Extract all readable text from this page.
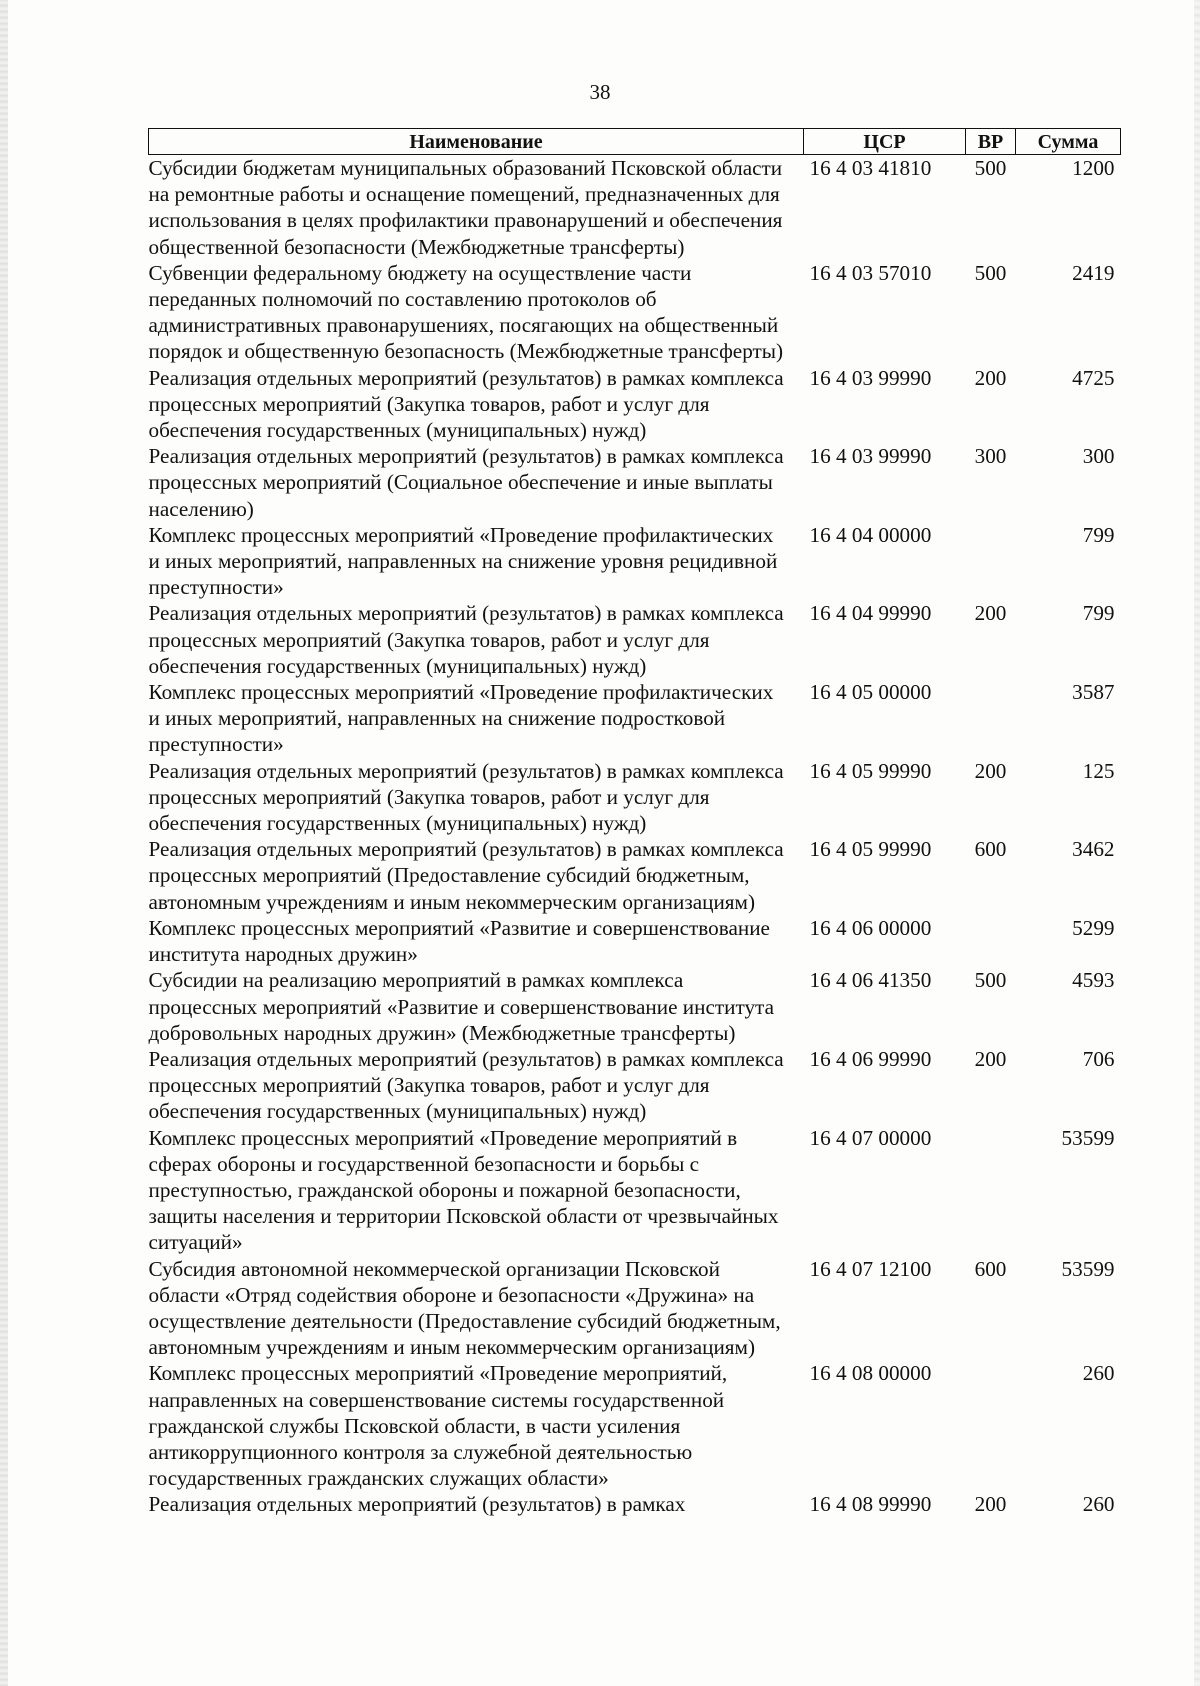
38
Наименование	ЦСР	ВР	Сумма
Субсидии бюджетам муниципальных образований Псковской области на ремонтные работы и оснащение помещений, предназначенных для использования в целях профилактики правонарушений и обеспечения общественной безопасности (Межбюджетные трансферты)	16 4 03 41810	500	1200
Субвенции федеральному бюджету на осуществление части переданных полномочий по составлению протоколов об административных правонарушениях, посягающих на общественный порядок и общественную безопасность (Межбюджетные трансферты)	16 4 03 57010	500	2419
Реализация отдельных мероприятий (результатов) в рамках комплекса процессных мероприятий (Закупка товаров, работ и услуг для обеспечения государственных (муниципальных) нужд)	16 4 03 99990	200	4725
Реализация отдельных мероприятий (результатов) в рамках комплекса процессных мероприятий (Социальное обеспечение и иные выплаты населению)	16 4 03 99990	300	300
Комплекс процессных мероприятий «Проведение профилактических и иных мероприятий, направленных на снижение уровня рецидивной преступности»	16 4 04 00000		799
Реализация отдельных мероприятий (результатов) в рамках комплекса процессных мероприятий (Закупка товаров, работ и услуг для обеспечения государственных (муниципальных) нужд)	16 4 04 99990	200	799
Комплекс процессных мероприятий «Проведение профилактических и иных мероприятий, направленных на снижение подростковой преступности»	16 4 05 00000		3587
Реализация отдельных мероприятий (результатов) в рамках комплекса процессных мероприятий (Закупка товаров, работ и услуг для обеспечения государственных (муниципальных) нужд)	16 4 05 99990	200	125
Реализация отдельных мероприятий (результатов) в рамках комплекса процессных мероприятий (Предоставление субсидий бюджетным, автономным учреждениям и иным некоммерческим организациям)	16 4 05 99990	600	3462
Комплекс процессных мероприятий «Развитие и совершенствование института народных дружин»	16 4 06 00000		5299
Субсидии на реализацию мероприятий в рамках комплекса процессных мероприятий «Развитие и совершенствование института добровольных народных дружин» (Межбюджетные трансферты)	16 4 06 41350	500	4593
Реализация отдельных мероприятий (результатов) в рамках комплекса процессных мероприятий (Закупка товаров, работ и услуг для обеспечения государственных (муниципальных) нужд)	16 4 06 99990	200	706
Комплекс процессных мероприятий «Проведение мероприятий в сферах обороны и государственной безопасности и борьбы с преступностью, гражданской обороны и пожарной безопасности, защиты населения и территории Псковской области от чрезвычайных ситуаций»	16 4 07 00000		53599
Субсидия автономной некоммерческой организации Псковской области «Отряд содействия обороне и безопасности «Дружина» на осуществление деятельности (Предоставление субсидий бюджетным, автономным учреждениям и иным некоммерческим организациям)	16 4 07 12100	600	53599
Комплекс процессных мероприятий «Проведение мероприятий, направленных на совершенствование системы государственной гражданской службы Псковской области, в части усиления антикоррупционного контроля за служебной деятельностью государственных гражданских служащих области»	16 4 08 00000		260
Реализация отдельных мероприятий (результатов) в рамках	16 4 08 99990	200	260
